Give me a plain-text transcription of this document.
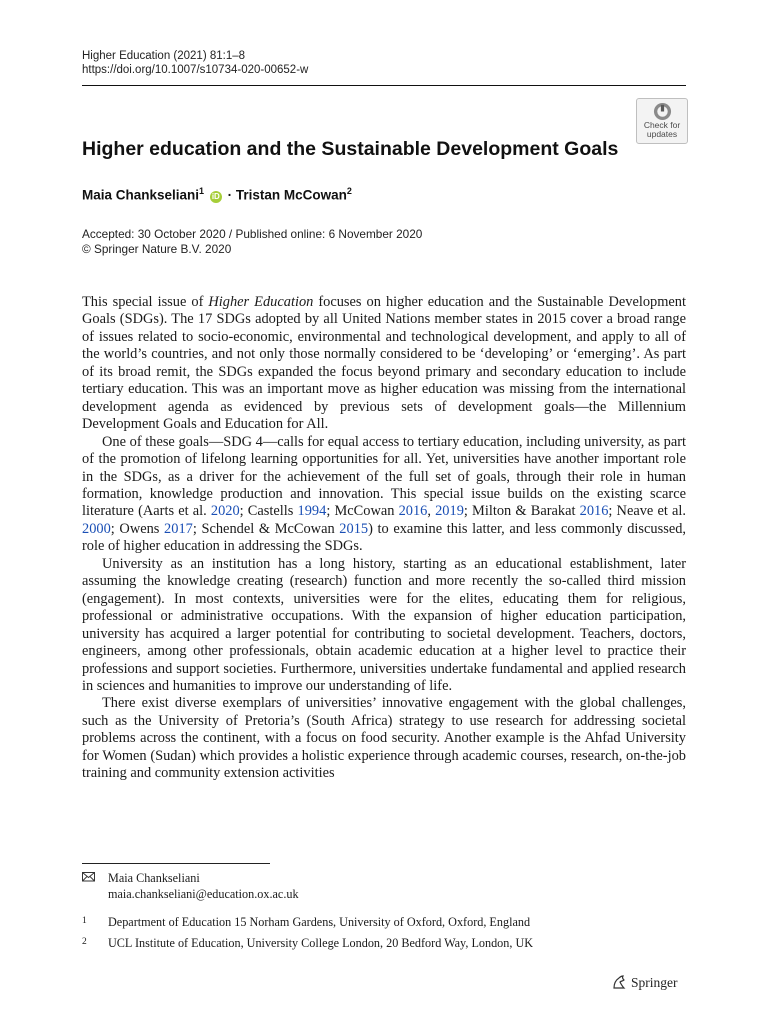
Higher Education (2021) 81:1–8
https://doi.org/10.1007/s10734-020-00652-w
Check for
updates
Higher education and the Sustainable Development Goals
Maia Chankseliani$^1$ iD · Tristan McCowan$^2$
Accepted: 30 October 2020 / Published online: 6 November 2020
© Springer Nature B.V. 2020

This special issue of Higher Education focuses on higher education and the Sustainable Development Goals (SDGs). The 17 SDGs adopted by all United Nations member states in 2015 cover a broad range of issues related to socio-economic, environmental and technological development, and apply to all of the world’s countries, and not only those normally considered to be ‘developing’ or ‘emerging’. As part of its broad remit, the SDGs expanded the focus beyond primary and secondary education to include tertiary education. This was an important move as higher education was missing from the international development agenda as evidenced by previous sets of development goals—the Millennium Development Goals and Education for All.

One of these goals—SDG 4—calls for equal access to tertiary education, including university, as part of the promotion of lifelong learning opportunities for all. Yet, universities have another important role in the SDGs, as a driver for the achievement of the full set of goals, through their role in human formation, knowledge production and innovation. This special issue builds on the existing scarce literature (Aarts et al. 2020; Castells 1994; McCowan 2016, 2019; Milton & Barakat 2016; Neave et al. 2000; Owens 2017; Schendel & McCowan 2015) to examine this latter, and less commonly discussed, role of higher education in addressing the SDGs.

University as an institution has a long history, starting as an educational establishment, later assuming the knowledge creating (research) function and more recently the so-called third mission (engagement). In most contexts, universities were for the elites, educating them for religious, professional or administrative occupations. With the expansion of higher education participation, university has acquired a larger potential for contributing to societal development. Teachers, doctors, engineers, among other professionals, obtain academic education at a higher level to practice their professions and support societies. Furthermore, universities undertake fundamental and applied research in sciences and humanities to improve our understanding of life.

There exist diverse exemplars of universities’ innovative engagement with the global challenges, such as the University of Pretoria’s (South Africa) strategy to use research for addressing societal problems across the continent, with a focus on food security. Another example is the Ahfad University for Women (Sudan) which provides a holistic experience through academic courses, research, on-the-job training and community extension activities

Maia Chankseliani
maia.chankseliani@education.ox.ac.uk
1 Department of Education 15 Norham Gardens, University of Oxford, Oxford, England
2 UCL Institute of Education, University College London, 20 Bedford Way, London, UK
Springer
